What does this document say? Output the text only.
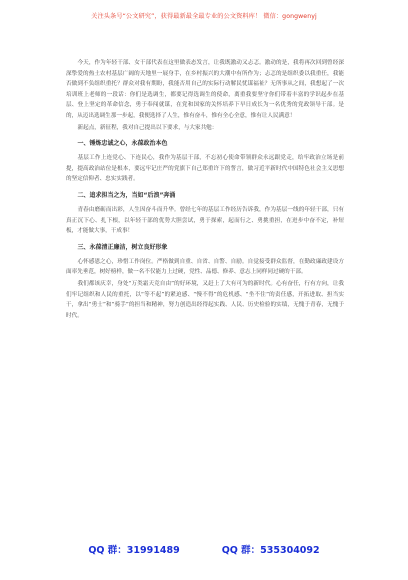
关注头条号“公文研究”，获得最新最全最专业的公文资料库！ 微信：gongwenyj

今天，作为年轻干部、女干部代表在这里做表态发言，让我既激动又忐忑。激动的是，我将再次回到曾经深深挚爱的热土农村基层广阔的天地里一展身手，在乡村振兴的大潮中有所作为；忐忑的是组织委以我重任，我能否做到不负组织重托？群众对我有期盼，我能否用自己的实际行动解民忧谋福祉？无所事从之间，我想起了一次培训班上老师的一段话：你们是选调生，都要记得选调生的使命，离重我要坚守你们带着丰富的学识起步在基层、登上坚定的革命信念，勇于奉闯就谋，在党和国家的关怀培养下早日成长为一名优秀的党政领导干部。是的，从迈出选调生那一步起，我便选择了人生，惟有奋斗，惟有全心全意，惟有让人民满意！

新起点，新征程，我对自己提出以下要求，与大家共勉：

一、锤炼忠诚之心，永葆政治本色

基层工作上连党心、下连民心，我作为基层干部，不忘初心使命带领群众永远跟党走，给牢政治立场是前提，提高政治站位是根本，要远牢记庄严的党旗下自己郑重许下的誓言，做习近平新时代中国特色社会主义思想的坚定信仰者、忠实实践者。

二、追求担当之为，当如“后浪”奔涌

青春由磨砺而出彩，人生因奋斗而升华。曾经七年的基层工作经历告诉我，作为基层一线的年轻干部，只有真正沉下心、扎下根，以年轻干部的优势大胆尝试，勇于探索，起而行之、勇挑重担，在迸步中奋不定，补短板，才能做大事，干成事！

三、永葆清正廉洁，树立良好形象

心怀感恩之心，珍惜工作岗位。严格做到自重、自省、自警、自励。自觉接受群众监督，在勤政廉政建设方面率先垂范，树好榜样，做一名不仅能力上过硬，党性、品德、修养、意志上同样同过硬的干部。

我们都该庆幸，身处“万类霜天竞自由”的好环境，又赶上了大有可为的新时代。心有奋任，行有方向，让我们牢记组织和人民的重托，以“等不起”的紧迫感、“慢不得”的危机感、“坐不住”的责任感，开拓进取、担当实干，拿出“勇士”和“骑手”的担当和精神，努力创造出经得起实践、人民、历史检验的实绩，无愧于青春，无愧于时代。

QQ 群：31991489	QQ 群：535304092
